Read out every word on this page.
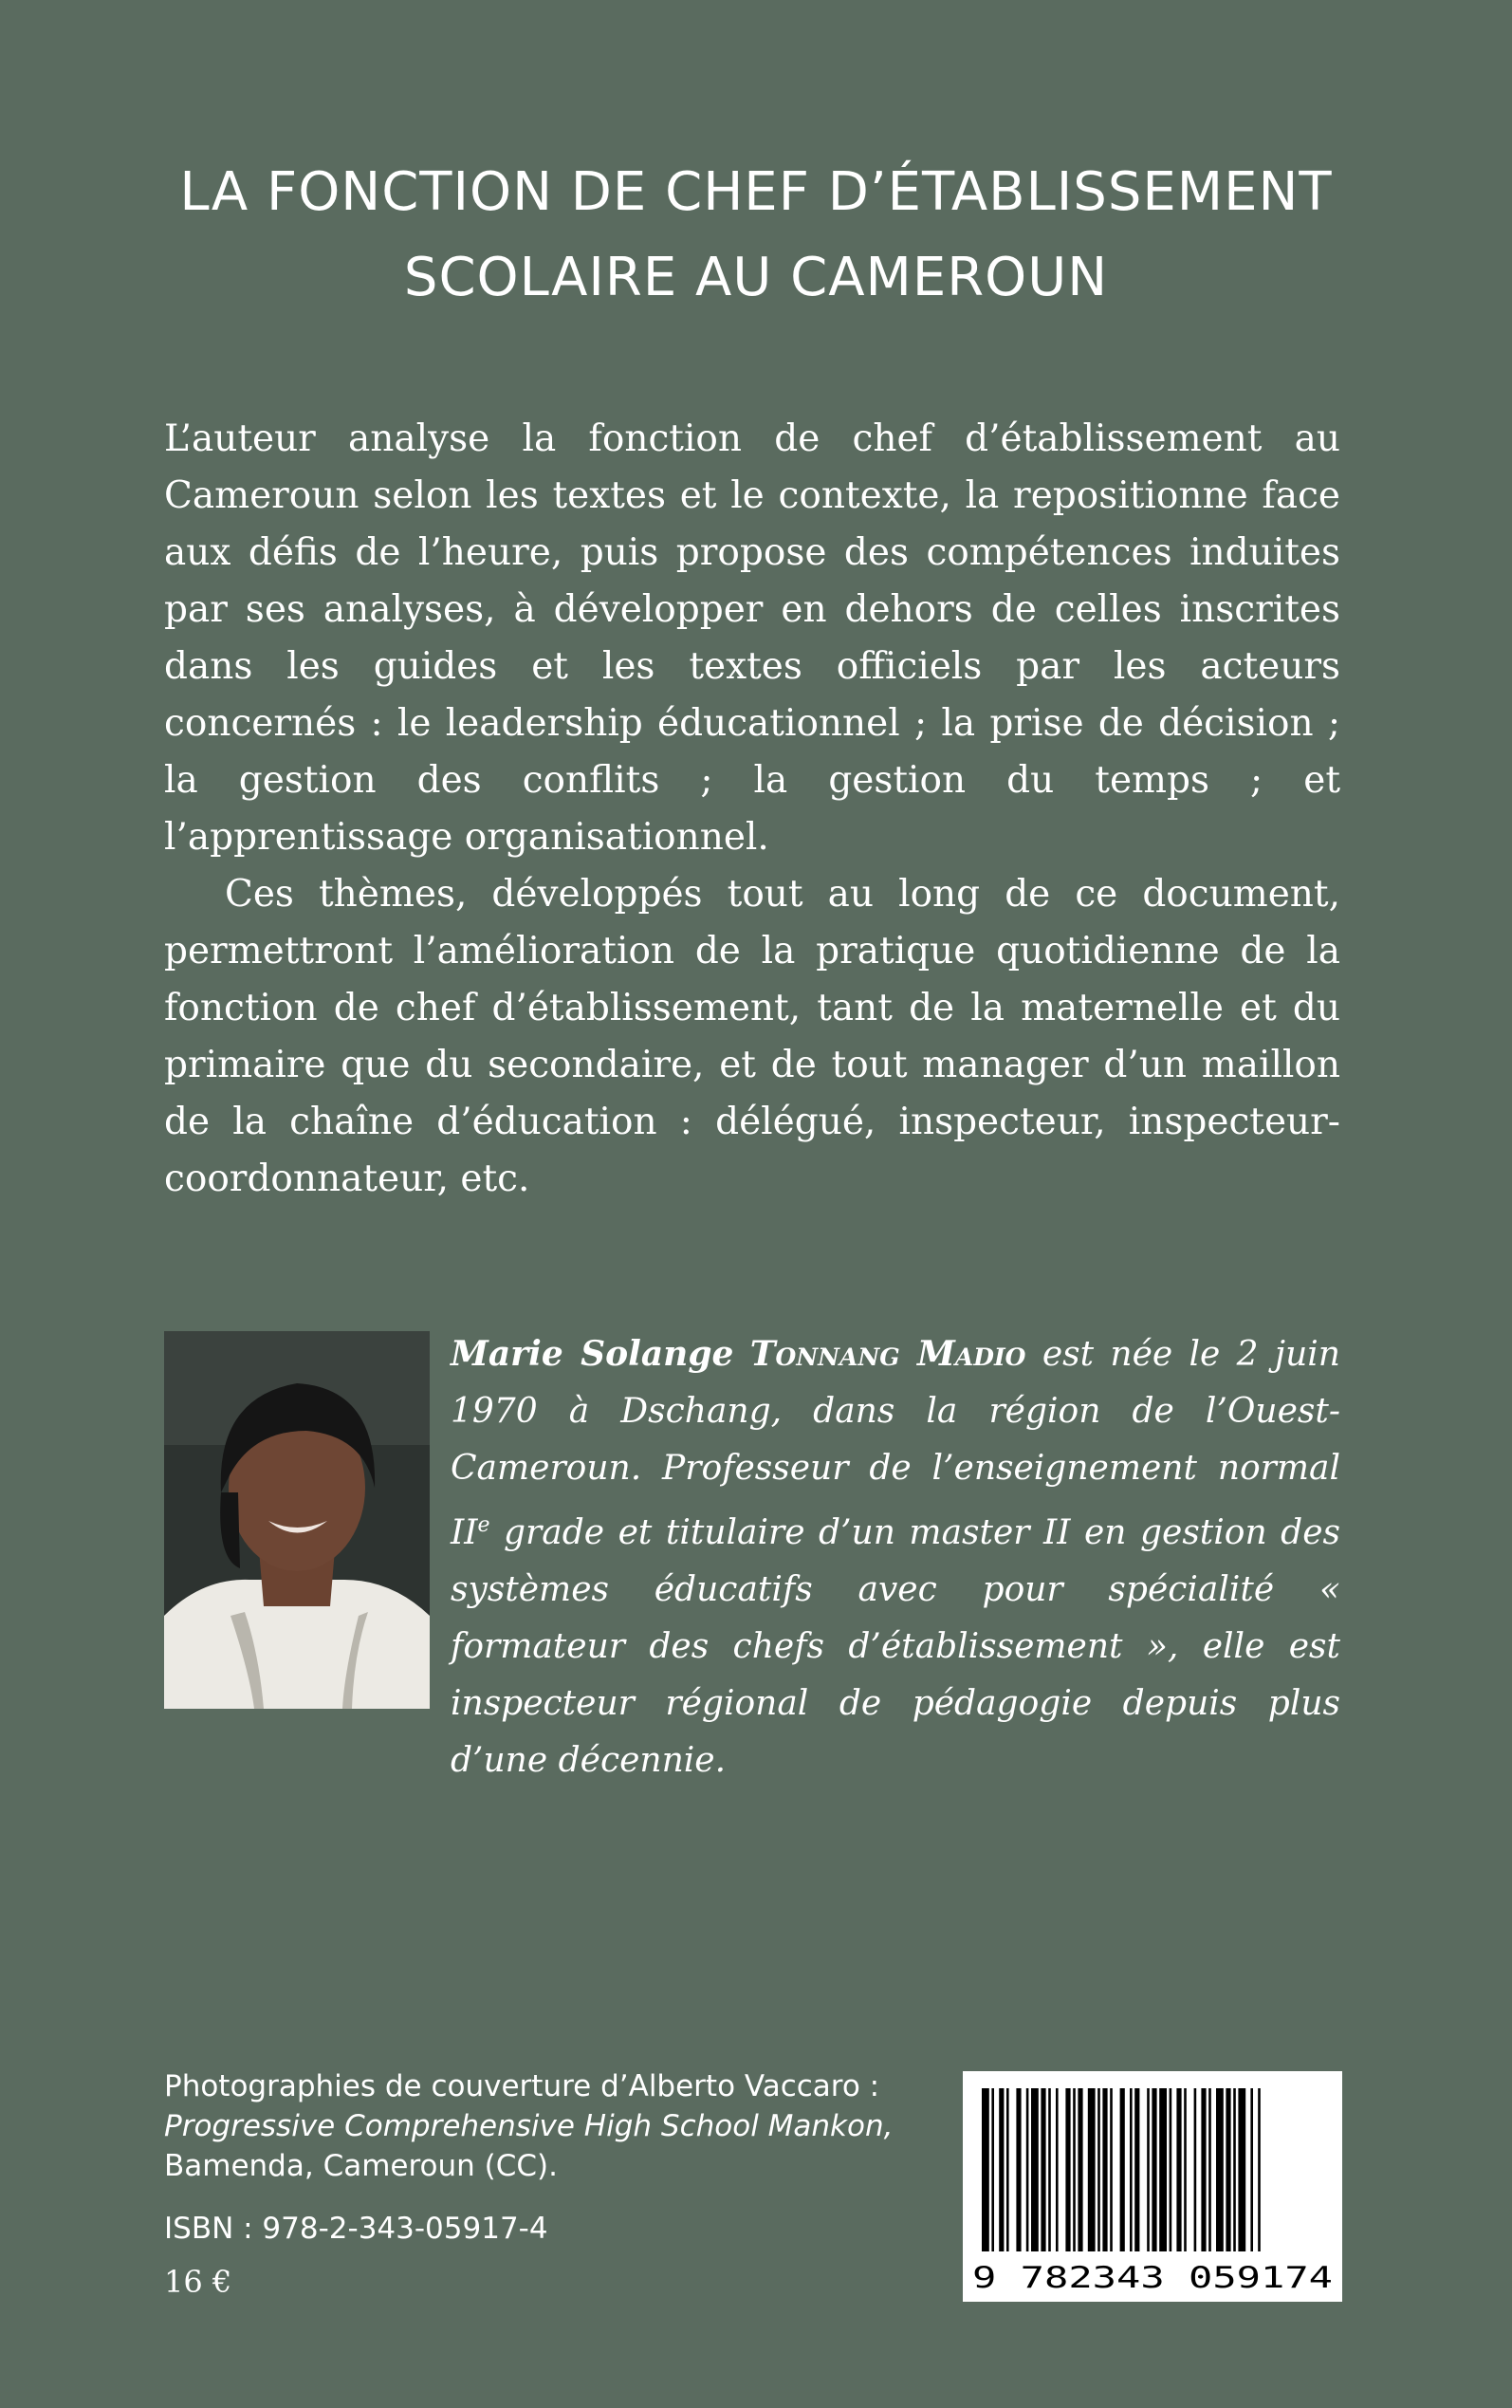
LA FONCTION DE CHEF D’ÉTABLISSEMENT
SCOLAIRE AU CAMEROUN

L’auteur analyse la fonction de chef d’établissement au Cameroun selon les textes et le contexte, la repositionne face aux défis de l’heure, puis propose des compétences induites par ses analyses, à développer en dehors de celles inscrites dans les guides et les textes officiels par les acteurs concernés : le leadership éducationnel ; la prise de décision ; la gestion des conflits ; la gestion du temps ; et l’apprentissage organisationnel.

Ces thèmes, développés tout au long de ce document, permettront l’amélioration de la pratique quotidienne de la fonction de chef d’établissement, tant de la maternelle et du primaire que du secondaire, et de tout manager d’un maillon de la chaîne d’éducation : délégué, inspecteur, inspecteur-coordonnateur, etc.

Marie Solange Tonnang Madio est née le 2 juin 1970 à Dschang, dans la région de l’Ouest-Cameroun. Professeur de l’enseignement normal IIe grade et titulaire d’un master II en gestion des systèmes éducatifs avec pour spécialité « formateur des chefs d’établissement », elle est inspecteur régional de pédagogie depuis plus d’une décennie.
Photographies de couverture d’Alberto Vaccaro :
Progressive Comprehensive High School Mankon,
Bamenda, Cameroun (CC).
ISBN : 978-2-343-05917-4
16 €	9 782343 059174
